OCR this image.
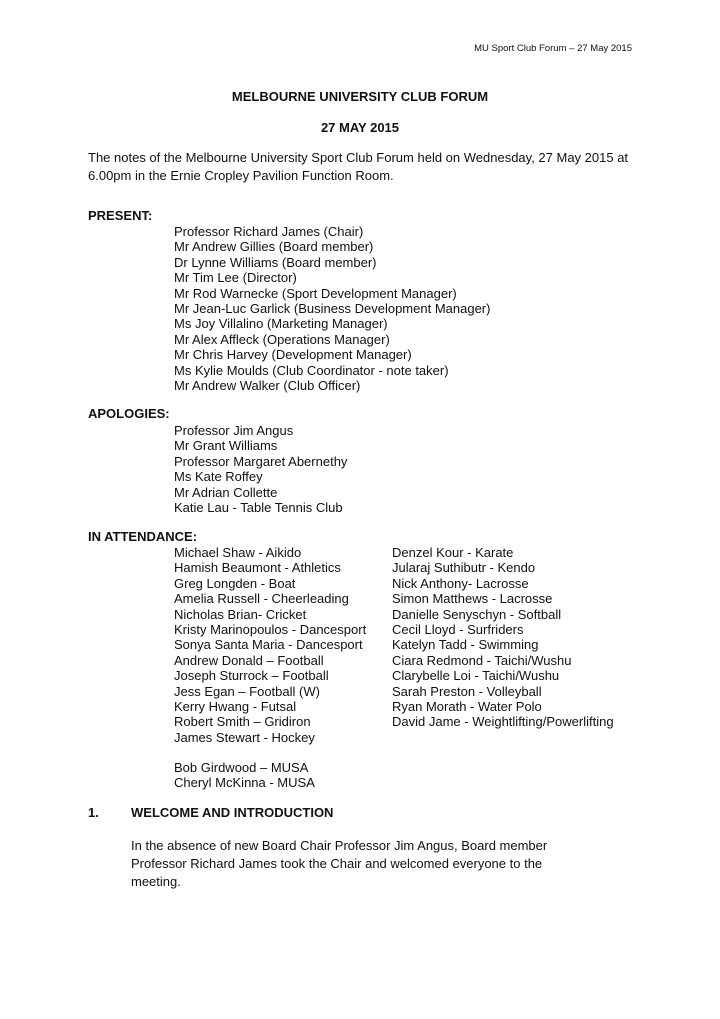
MU Sport Club Forum – 27 May 2015
MELBOURNE UNIVERSITY CLUB FORUM
27 MAY 2015
The notes of the Melbourne University Sport Club Forum held on Wednesday, 27 May 2015 at 6.00pm in the Ernie Cropley Pavilion Function Room.
PRESENT:
Professor Richard James (Chair)
Mr Andrew Gillies (Board member)
Dr Lynne Williams (Board member)
Mr Tim Lee (Director)
Mr Rod Warnecke (Sport Development Manager)
Mr Jean-Luc Garlick (Business Development Manager)
Ms Joy Villalino (Marketing Manager)
Mr Alex Affleck (Operations Manager)
Mr Chris Harvey (Development Manager)
Ms Kylie Moulds (Club Coordinator - note taker)
Mr Andrew Walker (Club Officer)
APOLOGIES:
Professor Jim Angus
Mr Grant Williams
Professor Margaret Abernethy
Ms Kate Roffey
Mr Adrian Collette
Katie Lau - Table Tennis Club
IN ATTENDANCE:
Michael Shaw - Aikido
Hamish Beaumont - Athletics
Greg Longden - Boat
Amelia Russell - Cheerleading
Nicholas Brian- Cricket
Kristy Marinopoulos - Dancesport
Sonya Santa Maria - Dancesport
Andrew Donald – Football
Joseph Sturrock – Football
Jess Egan – Football (W)
Kerry Hwang - Futsal
Robert Smith – Gridiron
James Stewart - Hockey
Denzel Kour - Karate
Jularaj Suthibutr - Kendo
Nick Anthony- Lacrosse
Simon Matthews - Lacrosse
Danielle Senyschyn - Softball
Cecil Lloyd - Surfriders
Katelyn Tadd - Swimming
Ciara Redmond - Taichi/Wushu
Clarybelle Loi - Taichi/Wushu
Sarah Preston - Volleyball
Ryan Morath - Water Polo
David Jame - Weightlifting/Powerlifting
Bob Girdwood – MUSA
Cheryl McKinna - MUSA
1. WELCOME AND INTRODUCTION
In the absence of new Board Chair Professor Jim Angus, Board member Professor Richard James took the Chair and welcomed everyone to the meeting.
